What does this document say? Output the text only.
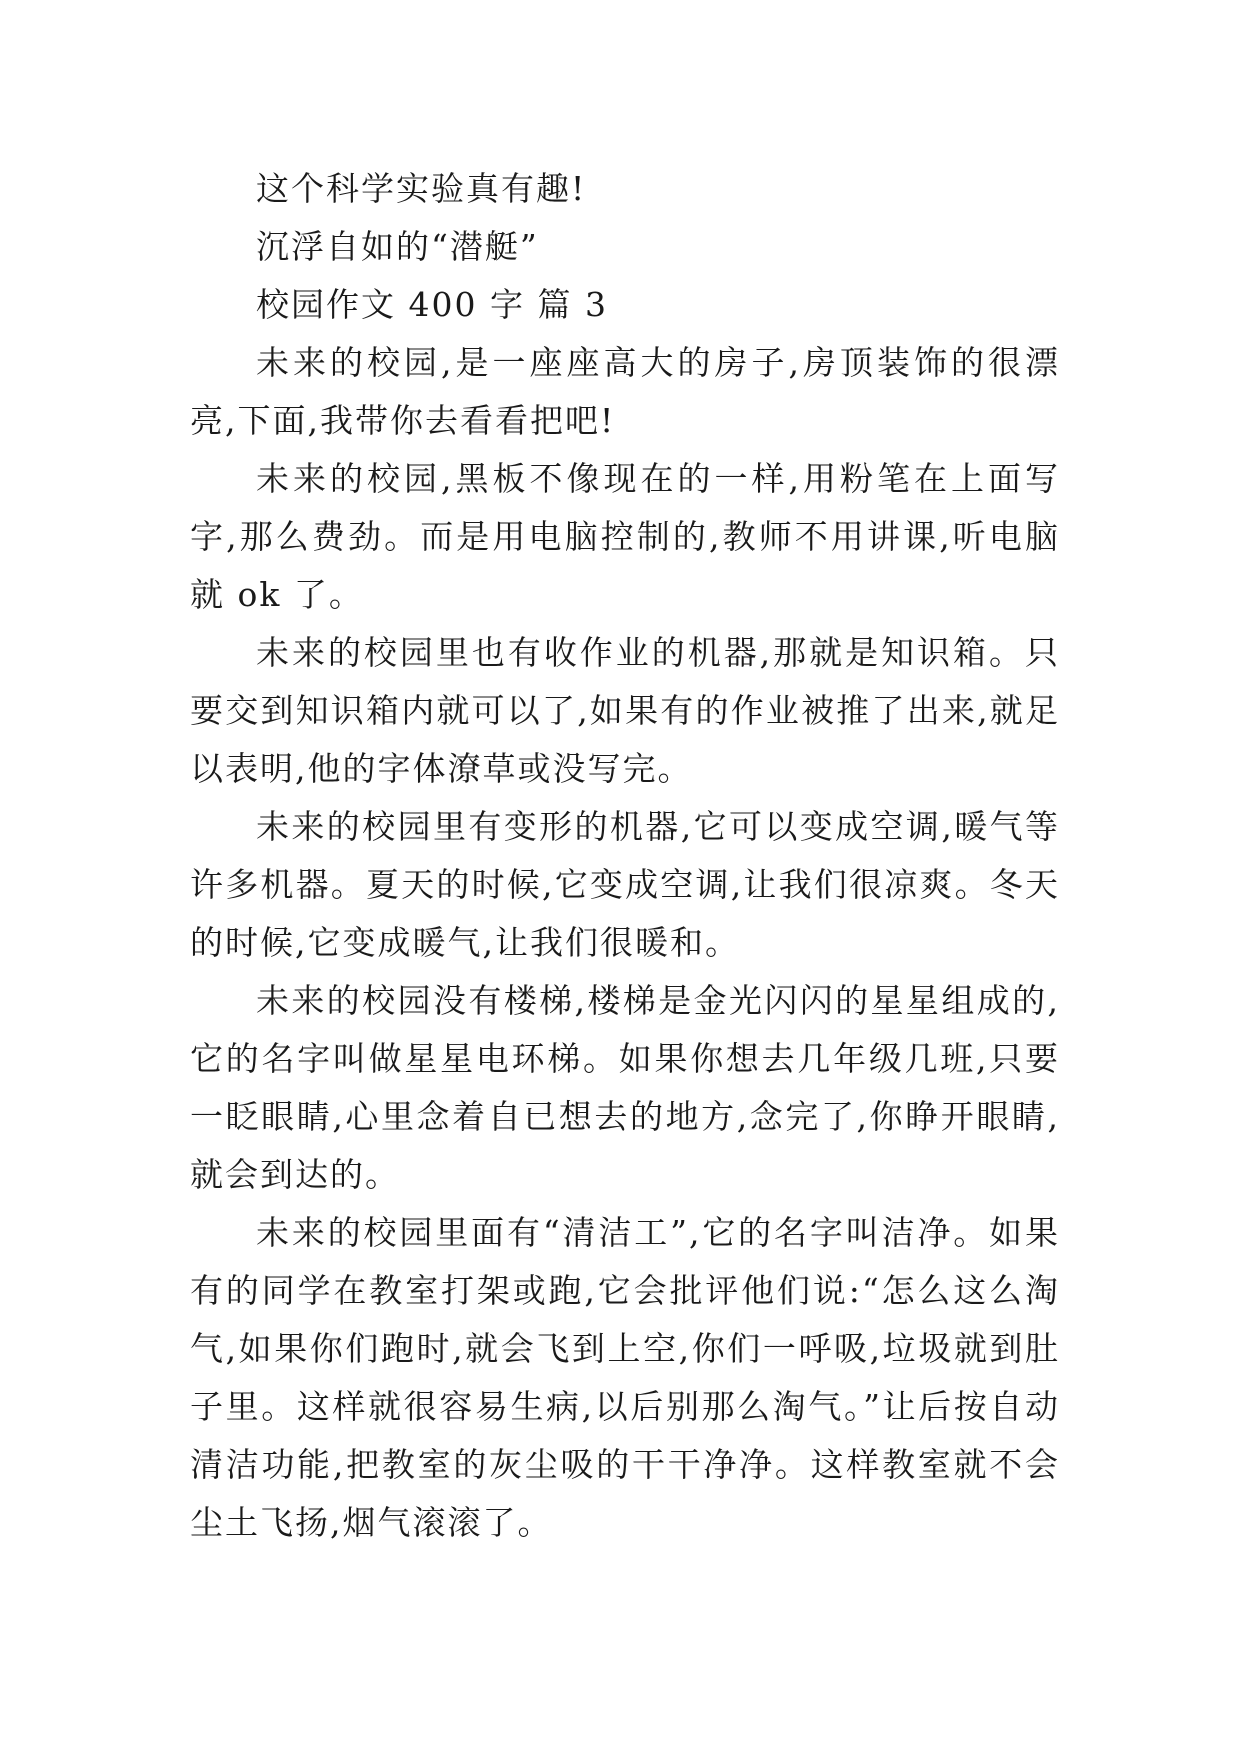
这个科学实验真有趣!

沉浮自如的“潜艇”

校园作文 400 字 篇 3

未来的校园,是一座座高大的房子,房顶装饰的很漂亮,下面,我带你去看看把吧!

未来的校园,黑板不像现在的一样,用粉笔在上面写字,那么费劲。而是用电脑控制的,教师不用讲课,听电脑就 ok 了。

未来的校园里也有收作业的机器,那就是知识箱。只要交到知识箱内就可以了,如果有的作业被推了出来,就足以表明,他的字体潦草或没写完。

未来的校园里有变形的机器,它可以变成空调,暖气等许多机器。夏天的时候,它变成空调,让我们很凉爽。冬天的时候,它变成暖气,让我们很暖和。

未来的校园没有楼梯,楼梯是金光闪闪的星星组成的,它的名字叫做星星电环梯。如果你想去几年级几班,只要一眨眼睛,心里念着自已想去的地方,念完了,你睁开眼睛,就会到达的。

未来的校园里面有“清洁工”,它的名字叫洁净。如果有的同学在教室打架或跑,它会批评他们说:“怎么这么淘气,如果你们跑时,就会飞到上空,你们一呼吸,垃圾就到肚子里。这样就很容易生病,以后别那么淘气。”让后按自动清洁功能,把教室的灰尘吸的干干净净。这样教室就不会尘土飞扬,烟气滚滚了。
